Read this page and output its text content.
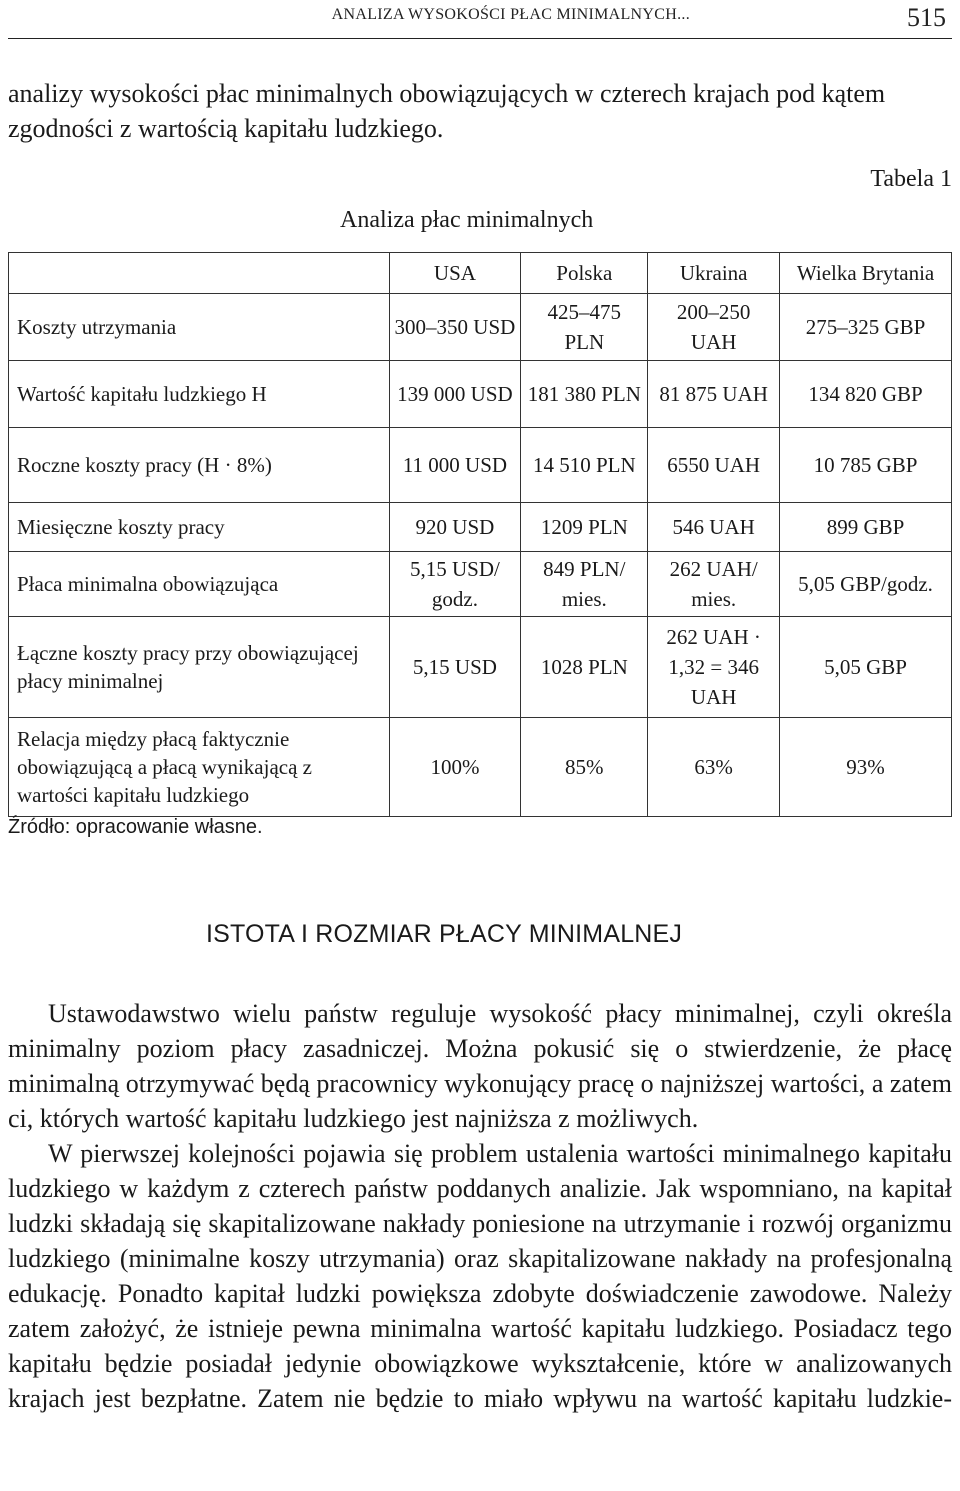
ANALIZA WYSOKOŚCI PŁAC MINIMALNYCH...	515
analizy wysokości płac minimalnych obowiązujących w czterech krajach pod kątem zgodności z wartością kapitału ludzkiego.
Tabela 1
Analiza płac minimalnych
	USA	Polska	Ukraina	Wielka Brytania
Koszty utrzymania	300–350 USD	425–475 PLN	200–250 UAH	275–325 GBP
Wartość kapitału ludzkiego H	139 000 USD	181 380 PLN	81 875 UAH	134 820 GBP
Roczne koszty pracy (H · 8%)	11 000 USD	14 510 PLN	6550 UAH	10 785 GBP
Miesięczne koszty pracy	920 USD	1209 PLN	546 UAH	899 GBP
Płaca minimalna obowiązująca	5,15 USD/ godz.	849 PLN/ mies.	262 UAH/ mies.	5,05 GBP/godz.
Łączne koszty pracy przy obowiązującej płacy minimalnej	5,15 USD	1028 PLN	262 UAH · 1,32 = 346 UAH	5,05 GBP
Relacja między płacą faktycznie obowiązującą a płacą wynikającą z wartości kapitału ludzkiego	100%	85%	63%	93%
Źródło: opracowanie własne.
ISTOTA I ROZMIAR PŁACY MINIMALNEJ

Ustawodawstwo wielu państw reguluje wysokość płacy minimalnej, czyli określa minimalny poziom płacy zasadniczej. Można pokusić się o stwierdzenie, że płacę minimalną otrzymywać będą pracownicy wykonujący pracę o najniższej wartości, a zatem ci, których wartość kapitału ludzkiego jest najniższa z możliwych.

W pierwszej kolejności pojawia się problem ustalenia wartości minimalnego kapitału ludzkiego w każdym z czterech państw poddanych analizie. Jak wspomniano, na kapitał ludzki składają się skapitalizowane nakłady poniesione na utrzymanie i rozwój organizmu ludzkiego (minimalne koszy utrzymania) oraz skapitalizowane nakłady na profesjonalną edukację. Ponadto kapitał ludzki powiększa zdobyte doświadczenie zawodowe. Należy zatem założyć, że istnieje pewna minimalna wartość kapitału ludzkiego. Posiadacz tego kapitału będzie posiadał jedynie obowiązkowe wykształcenie, które w analizowanych krajach jest bezpłatne. Zatem nie będzie to miało wpływu na wartość kapitału ludzkie-
